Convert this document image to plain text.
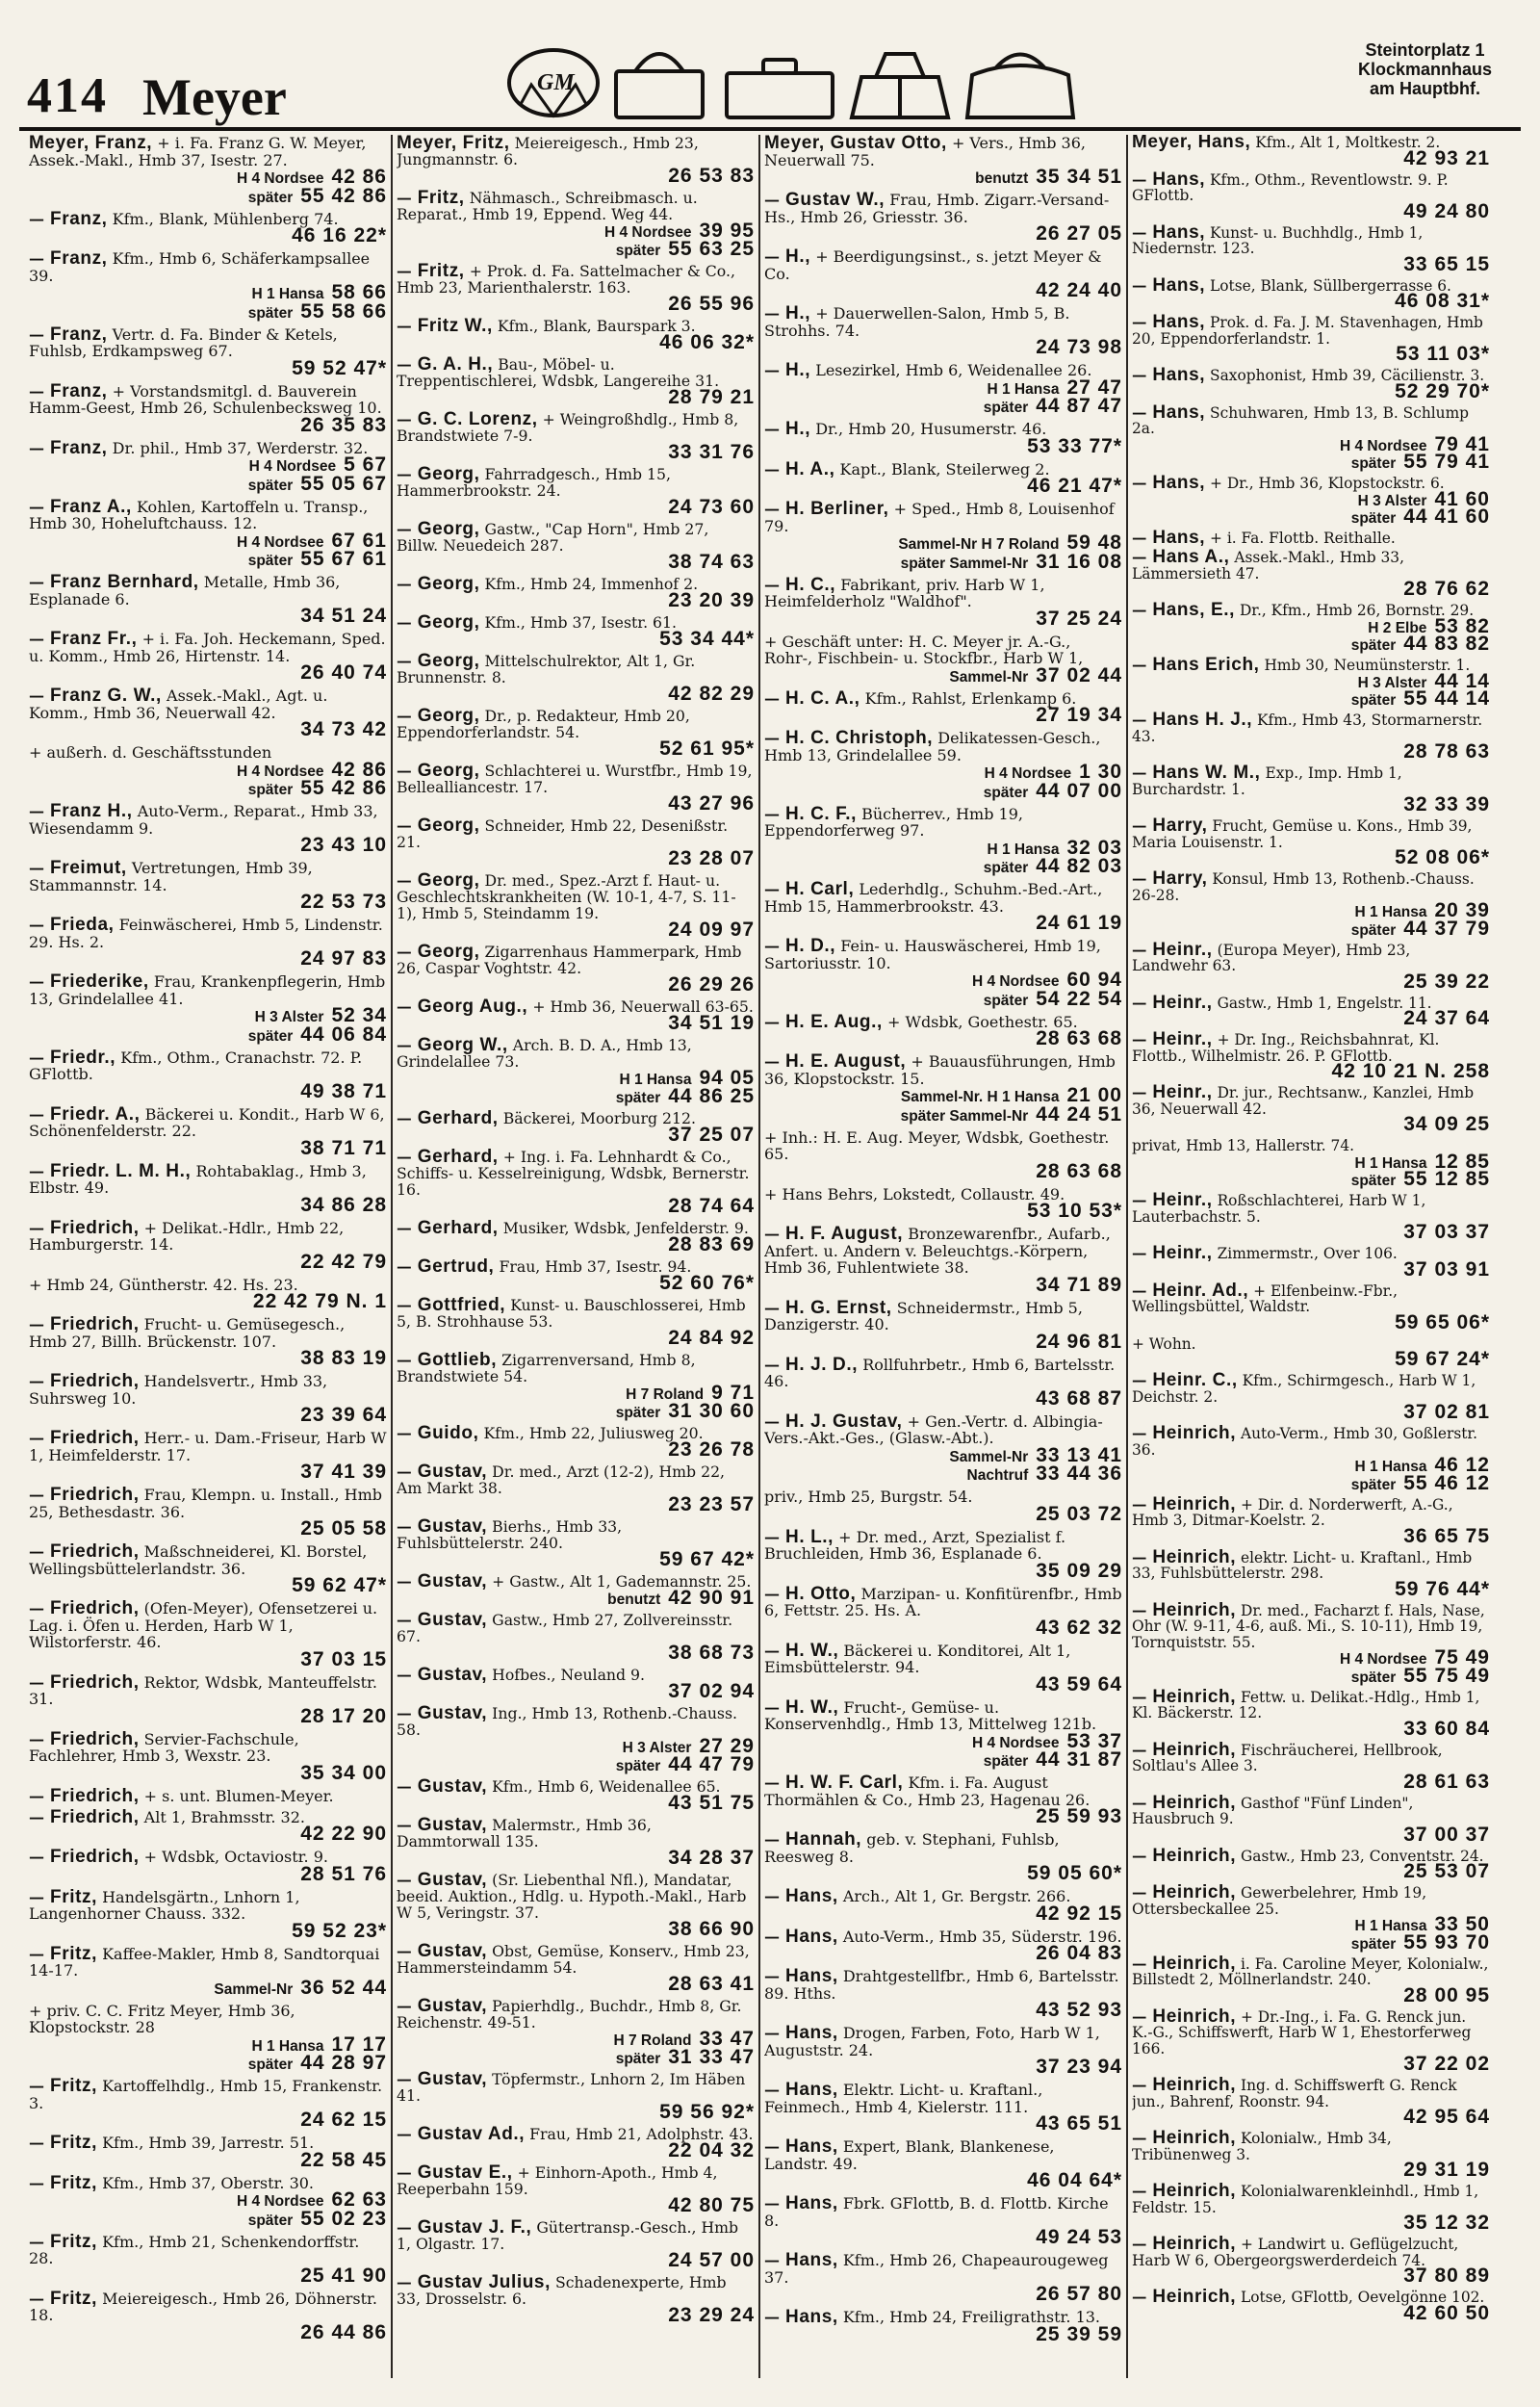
414 Meyer	GM
Steintorplatz 1
Klockmannhaus
am Hauptbhf.
Meyer, Franz, + i. Fa. Franz G. W. Meyer, Assek.-Makl., Hmb 37, Isestr. 27.
H 4 Nordsee 42 86
später 55 42 86
— Franz, Kfm., Blank, Mühlenberg 74.
46 16 22*
— Franz, Kfm., Hmb 6, Schäferkampsallee 39.
H 1 Hansa 58 66
später 55 58 66
— Franz, Vertr. d. Fa. Binder & Ketels, Fuhlsb, Erdkampsweg 67.
59 52 47*
— Franz, + Vorstandsmitgl. d. Bauverein Hamm-Geest, Hmb 26, Schulenbecksweg 10.
26 35 83
— Franz, Dr. phil., Hmb 37, Werderstr. 32.
H 4 Nordsee 5 67
später 55 05 67
— Franz A., Kohlen, Kartoffeln u. Transp., Hmb 30, Hoheluftchauss. 12.
H 4 Nordsee 67 61
später 55 67 61
— Franz Bernhard, Metalle, Hmb 36, Esplanade 6.
34 51 24
— Franz Fr., + i. Fa. Joh. Heckemann, Sped. u. Komm., Hmb 26, Hirtenstr. 14.
26 40 74
— Franz G. W., Assek.-Makl., Agt. u. Komm., Hmb 36, Neuerwall 42.
34 73 42
+ außerh. d. Geschäftsstunden
H 4 Nordsee 42 86
später 55 42 86
— Franz H., Auto-Verm., Reparat., Hmb 33, Wiesendamm 9.
23 43 10
— Freimut, Vertretungen, Hmb 39, Stammannstr. 14.
22 53 73
— Frieda, Feinwäscherei, Hmb 5, Lindenstr. 29. Hs. 2.
24 97 83
— Friederike, Frau, Krankenpflegerin, Hmb 13, Grindelallee 41.
H 3 Alster 52 34
später 44 06 84
— Friedr., Kfm., Othm., Cranachstr. 72. P. GFlottb.
49 38 71
— Friedr. A., Bäckerei u. Kondit., Harb W 6, Schönenfelderstr. 22.
38 71 71
— Friedr. L. M. H., Rohtabaklag., Hmb 3, Elbstr. 49.
34 86 28
— Friedrich, + Delikat.-Hdlr., Hmb 22, Hamburgerstr. 14.
22 42 79
+ Hmb 24, Güntherstr. 42. Hs. 23.
22 42 79 N. 1
— Friedrich, Frucht- u. Gemüsegesch., Hmb 27, Billh. Brückenstr. 107.
38 83 19
— Friedrich, Handelsvertr., Hmb 33, Suhrsweg 10.
23 39 64
— Friedrich, Herr.- u. Dam.-Friseur, Harb W 1, Heimfelderstr. 17.
37 41 39
— Friedrich, Frau, Klempn. u. Install., Hmb 25, Bethesdastr. 36.
25 05 58
— Friedrich, Maßschneiderei, Kl. Borstel, Wellingsbüttelerlandstr. 36.
59 62 47*
— Friedrich, (Ofen-Meyer), Ofensetzerei u. Lag. i. Öfen u. Herden, Harb W 1, Wilstorferstr. 46.
37 03 15
— Friedrich, Rektor, Wdsbk, Manteuffelstr. 31.
28 17 20
— Friedrich, Servier-Fachschule, Fachlehrer, Hmb 3, Wexstr. 23.
35 34 00
— Friedrich, + s. unt. Blumen-Meyer.
— Friedrich, Alt 1, Brahmsstr. 32.
42 22 90
— Friedrich, + Wdsbk, Octaviostr. 9.
28 51 76
— Fritz, Handelsgärtn., Lnhorn 1, Langenhorner Chauss. 332.
59 52 23*
— Fritz, Kaffee-Makler, Hmb 8, Sandtorquai 14-17.
Sammel-Nr 36 52 44
+ priv. C. C. Fritz Meyer, Hmb 36, Klopstockstr. 28
H 1 Hansa 17 17
später 44 28 97
— Fritz, Kartoffelhdlg., Hmb 15, Frankenstr. 3.
24 62 15
— Fritz, Kfm., Hmb 39, Jarrestr. 51.
22 58 45
— Fritz, Kfm., Hmb 37, Oberstr. 30.
H 4 Nordsee 62 63
später 55 02 23
— Fritz, Kfm., Hmb 21, Schenkendorffstr. 28.
25 41 90
— Fritz, Meiereigesch., Hmb 26, Döhnerstr. 18.
26 44 86
Meyer, Fritz, Meiereigesch., Hmb 23, Jungmannstr. 6.
26 53 83
— Fritz, Nähmasch., Schreibmasch. u. Reparat., Hmb 19, Eppend. Weg 44.
H 4 Nordsee 39 95
später 55 63 25
— Fritz, + Prok. d. Fa. Sattelmacher & Co., Hmb 23, Marienthalerstr. 163.
26 55 96
— Fritz W., Kfm., Blank, Baurspark 3.
46 06 32*
— G. A. H., Bau-, Möbel- u. Treppentischlerei, Wdsbk, Langereihe 31.
28 79 21
— G. C. Lorenz, + Weingroßhdlg., Hmb 8, Brandstwiete 7-9.
33 31 76
— Georg, Fahrradgesch., Hmb 15, Hammerbrookstr. 24.
24 73 60
— Georg, Gastw., "Cap Horn", Hmb 27, Billw. Neuedeich 287.
38 74 63
— Georg, Kfm., Hmb 24, Immenhof 2.
23 20 39
— Georg, Kfm., Hmb 37, Isestr. 61.
53 34 44*
— Georg, Mittelschulrektor, Alt 1, Gr. Brunnenstr. 8.
42 82 29
— Georg, Dr., p. Redakteur, Hmb 20, Eppendorferlandstr. 54.
52 61 95*
— Georg, Schlachterei u. Wurstfbr., Hmb 19, Bellealliancestr. 17.
43 27 96
— Georg, Schneider, Hmb 22, Desenißstr. 21.
23 28 07
— Georg, Dr. med., Spez.-Arzt f. Haut- u. Geschlechtskrankheiten (W. 10-1, 4-7, S. 11-1), Hmb 5, Steindamm 19.
24 09 97
— Georg, Zigarrenhaus Hammerpark, Hmb 26, Caspar Voghtstr. 42.
26 29 26
— Georg Aug., + Hmb 36, Neuerwall 63-65.
34 51 19
— Georg W., Arch. B. D. A., Hmb 13, Grindelallee 73.
H 1 Hansa 94 05
später 44 86 25
— Gerhard, Bäckerei, Moorburg 212.
37 25 07
— Gerhard, + Ing. i. Fa. Lehnhardt & Co., Schiffs- u. Kesselreinigung, Wdsbk, Bernerstr. 16.
28 74 64
— Gerhard, Musiker, Wdsbk, Jenfelderstr. 9.
28 83 69
— Gertrud, Frau, Hmb 37, Isestr. 94.
52 60 76*
— Gottfried, Kunst- u. Bauschlosserei, Hmb 5, B. Strohhause 53.
24 84 92
— Gottlieb, Zigarrenversand, Hmb 8, Brandstwiete 54.
H 7 Roland 9 71
später 31 30 60
— Guido, Kfm., Hmb 22, Juliusweg 20.
23 26 78
— Gustav, Dr. med., Arzt (12-2), Hmb 22, Am Markt 38.
23 23 57
— Gustav, Bierhs., Hmb 33, Fuhlsbüttelerstr. 240.
59 67 42*
— Gustav, + Gastw., Alt 1, Gademannstr. 25.
benutzt 42 90 91
— Gustav, Gastw., Hmb 27, Zollvereinsstr. 67.
38 68 73
— Gustav, Hofbes., Neuland 9.
37 02 94
— Gustav, Ing., Hmb 13, Rothenb.-Chauss. 58.
H 3 Alster 27 29
später 44 47 79
— Gustav, Kfm., Hmb 6, Weidenallee 65.
43 51 75
— Gustav, Malermstr., Hmb 36, Dammtorwall 135.
34 28 37
— Gustav, (Sr. Liebenthal Nfl.), Mandatar, beeid. Auktion., Hdlg. u. Hypoth.-Makl., Harb W 5, Veringstr. 37.
38 66 90
— Gustav, Obst, Gemüse, Konserv., Hmb 23, Hammersteindamm 54.
28 63 41
— Gustav, Papierhdlg., Buchdr., Hmb 8, Gr. Reichenstr. 49-51.
H 7 Roland 33 47
später 31 33 47
— Gustav, Töpfermstr., Lnhorn 2, Im Häben 41.
59 56 92*
— Gustav Ad., Frau, Hmb 21, Adolphstr. 43.
22 04 32
— Gustav E., + Einhorn-Apoth., Hmb 4, Reeperbahn 159.
42 80 75
— Gustav J. F., Gütertransp.-Gesch., Hmb 1, Olgastr. 17.
24 57 00
— Gustav Julius, Schadenexperte, Hmb 33, Drosselstr. 6.
23 29 24
Meyer, Gustav Otto, + Vers., Hmb 36, Neuerwall 75.
benutzt 35 34 51
— Gustav W., Frau, Hmb. Zigarr.-Versand-Hs., Hmb 26, Griesstr. 36.
26 27 05
— H., + Beerdigungsinst., s. jetzt Meyer & Co.
42 24 40
— H., + Dauerwellen-Salon, Hmb 5, B. Strohhs. 74.
24 73 98
— H., Lesezirkel, Hmb 6, Weidenallee 26.
H 1 Hansa 27 47
später 44 87 47
— H., Dr., Hmb 20, Husumerstr. 46.
53 33 77*
— H. A., Kapt., Blank, Steilerweg 2.
46 21 47*
— H. Berliner, + Sped., Hmb 8, Louisenhof 79.
Sammel-Nr H 7 Roland 59 48
später Sammel-Nr 31 16 08
— H. C., Fabrikant, priv. Harb W 1, Heimfelderholz "Waldhof".
37 25 24
+ Geschäft unter: H. C. Meyer jr. A.-G., Rohr-, Fischbein- u. Stockfbr., Harb W 1,
Sammel-Nr 37 02 44
— H. C. A., Kfm., Rahlst, Erlenkamp 6.
27 19 34
— H. C. Christoph, Delikatessen-Gesch., Hmb 13, Grindelallee 59.
H 4 Nordsee 1 30
später 44 07 00
— H. C. F., Bücherrev., Hmb 19, Eppendorferweg 97.
H 1 Hansa 32 03
später 44 82 03
— H. Carl, Lederhdlg., Schuhm.-Bed.-Art., Hmb 15, Hammerbrookstr. 43.
24 61 19
— H. D., Fein- u. Hauswäscherei, Hmb 19, Sartoriusstr. 10.
H 4 Nordsee 60 94
später 54 22 54
— H. E. Aug., + Wdsbk, Goethestr. 65.
28 63 68
— H. E. August, + Bauausführungen, Hmb 36, Klopstockstr. 15.
Sammel-Nr. H 1 Hansa 21 00
später Sammel-Nr 44 24 51
+ Inh.: H. E. Aug. Meyer, Wdsbk, Goethestr. 65.
28 63 68
+ Hans Behrs, Lokstedt, Collaustr. 49.
53 10 53*
— H. F. August, Bronzewarenfbr., Aufarb., Anfert. u. Andern v. Beleuchtgs.-Körpern, Hmb 36, Fuhlentwiete 38.
34 71 89
— H. G. Ernst, Schneidermstr., Hmb 5, Danzigerstr. 40.
24 96 81
— H. J. D., Rollfuhrbetr., Hmb 6, Bartelsstr. 46.
43 68 87
— H. J. Gustav, + Gen.-Vertr. d. Albingia-Vers.-Akt.-Ges., (Glasw.-Abt.).
Sammel-Nr 33 13 41
Nachtruf 33 44 36
priv., Hmb 25, Burgstr. 54.
25 03 72
— H. L., + Dr. med., Arzt, Spezialist f. Bruchleiden, Hmb 36, Esplanade 6.
35 09 29
— H. Otto, Marzipan- u. Konfitürenfbr., Hmb 6, Fettstr. 25. Hs. A.
43 62 32
— H. W., Bäckerei u. Konditorei, Alt 1, Eimsbüttelerstr. 94.
43 59 64
— H. W., Frucht-, Gemüse- u. Konservenhdlg., Hmb 13, Mittelweg 121b.
H 4 Nordsee 53 37
später 44 31 87
— H. W. F. Carl, Kfm. i. Fa. August Thormählen & Co., Hmb 23, Hagenau 26.
25 59 93
— Hannah, geb. v. Stephani, Fuhlsb, Reesweg 8.
59 05 60*
— Hans, Arch., Alt 1, Gr. Bergstr. 266.
42 92 15
— Hans, Auto-Verm., Hmb 35, Süderstr. 196.
26 04 83
— Hans, Drahtgestellfbr., Hmb 6, Bartelsstr. 89. Hths.
43 52 93
— Hans, Drogen, Farben, Foto, Harb W 1, Auguststr. 24.
37 23 94
— Hans, Elektr. Licht- u. Kraftanl., Feinmech., Hmb 4, Kielerstr. 111.
43 65 51
— Hans, Expert, Blank, Blankenese, Landstr. 49.
46 04 64*
— Hans, Fbrk. GFlottb, B. d. Flottb. Kirche 8.
49 24 53
— Hans, Kfm., Hmb 26, Chapeaurougeweg 37.
26 57 80
— Hans, Kfm., Hmb 24, Freiligrathstr. 13.
25 39 59
Meyer, Hans, Kfm., Alt 1, Moltkestr. 2.
42 93 21
— Hans, Kfm., Othm., Reventlowstr. 9. P. GFlottb.
49 24 80
— Hans, Kunst- u. Buchhdlg., Hmb 1, Niedernstr. 123.
33 65 15
— Hans, Lotse, Blank, Süllbergerrasse 6.
46 08 31*
— Hans, Prok. d. Fa. J. M. Stavenhagen, Hmb 20, Eppendorferlandstr. 1.
53 11 03*
— Hans, Saxophonist, Hmb 39, Cäcilienstr. 3.
52 29 70*
— Hans, Schuhwaren, Hmb 13, B. Schlump 2a.
H 4 Nordsee 79 41
später 55 79 41
— Hans, + Dr., Hmb 36, Klopstockstr. 6.
H 3 Alster 41 60
später 44 41 60
— Hans, + i. Fa. Flottb. Reithalle.
— Hans A., Assek.-Makl., Hmb 33, Lämmersieth 47.
28 76 62
— Hans, E., Dr., Kfm., Hmb 26, Bornstr. 29.
H 2 Elbe 53 82
später 44 83 82
— Hans Erich, Hmb 30, Neumünsterstr. 1.
H 3 Alster 44 14
später 55 44 14
— Hans H. J., Kfm., Hmb 43, Stormarnerstr. 43.
28 78 63
— Hans W. M., Exp., Imp. Hmb 1, Burchardstr. 1.
32 33 39
— Harry, Frucht, Gemüse u. Kons., Hmb 39, Maria Louisenstr. 1.
52 08 06*
— Harry, Konsul, Hmb 13, Rothenb.-Chauss. 26-28.
H 1 Hansa 20 39
später 44 37 79
— Heinr., (Europa Meyer), Hmb 23, Landwehr 63.
25 39 22
— Heinr., Gastw., Hmb 1, Engelstr. 11.
24 37 64
— Heinr., + Dr. Ing., Reichsbahnrat, Kl. Flottb., Wilhelmistr. 26. P. GFlottb.
42 10 21 N. 258
— Heinr., Dr. jur., Rechtsanw., Kanzlei, Hmb 36, Neuerwall 42.
34 09 25
privat, Hmb 13, Hallerstr. 74.
H 1 Hansa 12 85
später 55 12 85
— Heinr., Roßschlachterei, Harb W 1, Lauterbachstr. 5.
37 03 37
— Heinr., Zimmermstr., Over 106.
37 03 91
— Heinr. Ad., + Elfenbeinw.-Fbr., Wellingsbüttel, Waldstr.
59 65 06*
+ Wohn.
59 67 24*
— Heinr. C., Kfm., Schirmgesch., Harb W 1, Deichstr. 2.
37 02 81
— Heinrich, Auto-Verm., Hmb 30, Goßlerstr. 36.
H 1 Hansa 46 12
später 55 46 12
— Heinrich, + Dir. d. Norderwerft, A.-G., Hmb 3, Ditmar-Koelstr. 2.
36 65 75
— Heinrich, elektr. Licht- u. Kraftanl., Hmb 33, Fuhlsbüttelerstr. 298.
59 76 44*
— Heinrich, Dr. med., Facharzt f. Hals, Nase, Ohr (W. 9-11, 4-6, auß. Mi., S. 10-11), Hmb 19, Tornquiststr. 55.
H 4 Nordsee 75 49
später 55 75 49
— Heinrich, Fettw. u. Delikat.-Hdlg., Hmb 1, Kl. Bäckerstr. 12.
33 60 84
— Heinrich, Fischräucherei, Hellbrook, Soltlau's Allee 3.
28 61 63
— Heinrich, Gasthof "Fünf Linden", Hausbruch 9.
37 00 37
— Heinrich, Gastw., Hmb 23, Conventstr. 24.
25 53 07
— Heinrich, Gewerbelehrer, Hmb 19, Ottersbeckallee 25.
H 1 Hansa 33 50
später 55 93 70
— Heinrich, i. Fa. Caroline Meyer, Kolonialw., Billstedt 2, Möllnerlandstr. 240.
28 00 95
— Heinrich, + Dr.-Ing., i. Fa. G. Renck jun. K.-G., Schiffswerft, Harb W 1, Ehestorferweg 166.
37 22 02
— Heinrich, Ing. d. Schiffswerft G. Renck jun., Bahrenf, Roonstr. 94.
42 95 64
— Heinrich, Kolonialw., Hmb 34, Tribünenweg 3.
29 31 19
— Heinrich, Kolonialwarenkleinhdl., Hmb 1, Feldstr. 15.
35 12 32
— Heinrich, + Landwirt u. Geflügelzucht, Harb W 6, Obergeorgswerderdeich 74.
37 80 89
— Heinrich, Lotse, GFlottb, Oevelgönne 102.
42 60 50
